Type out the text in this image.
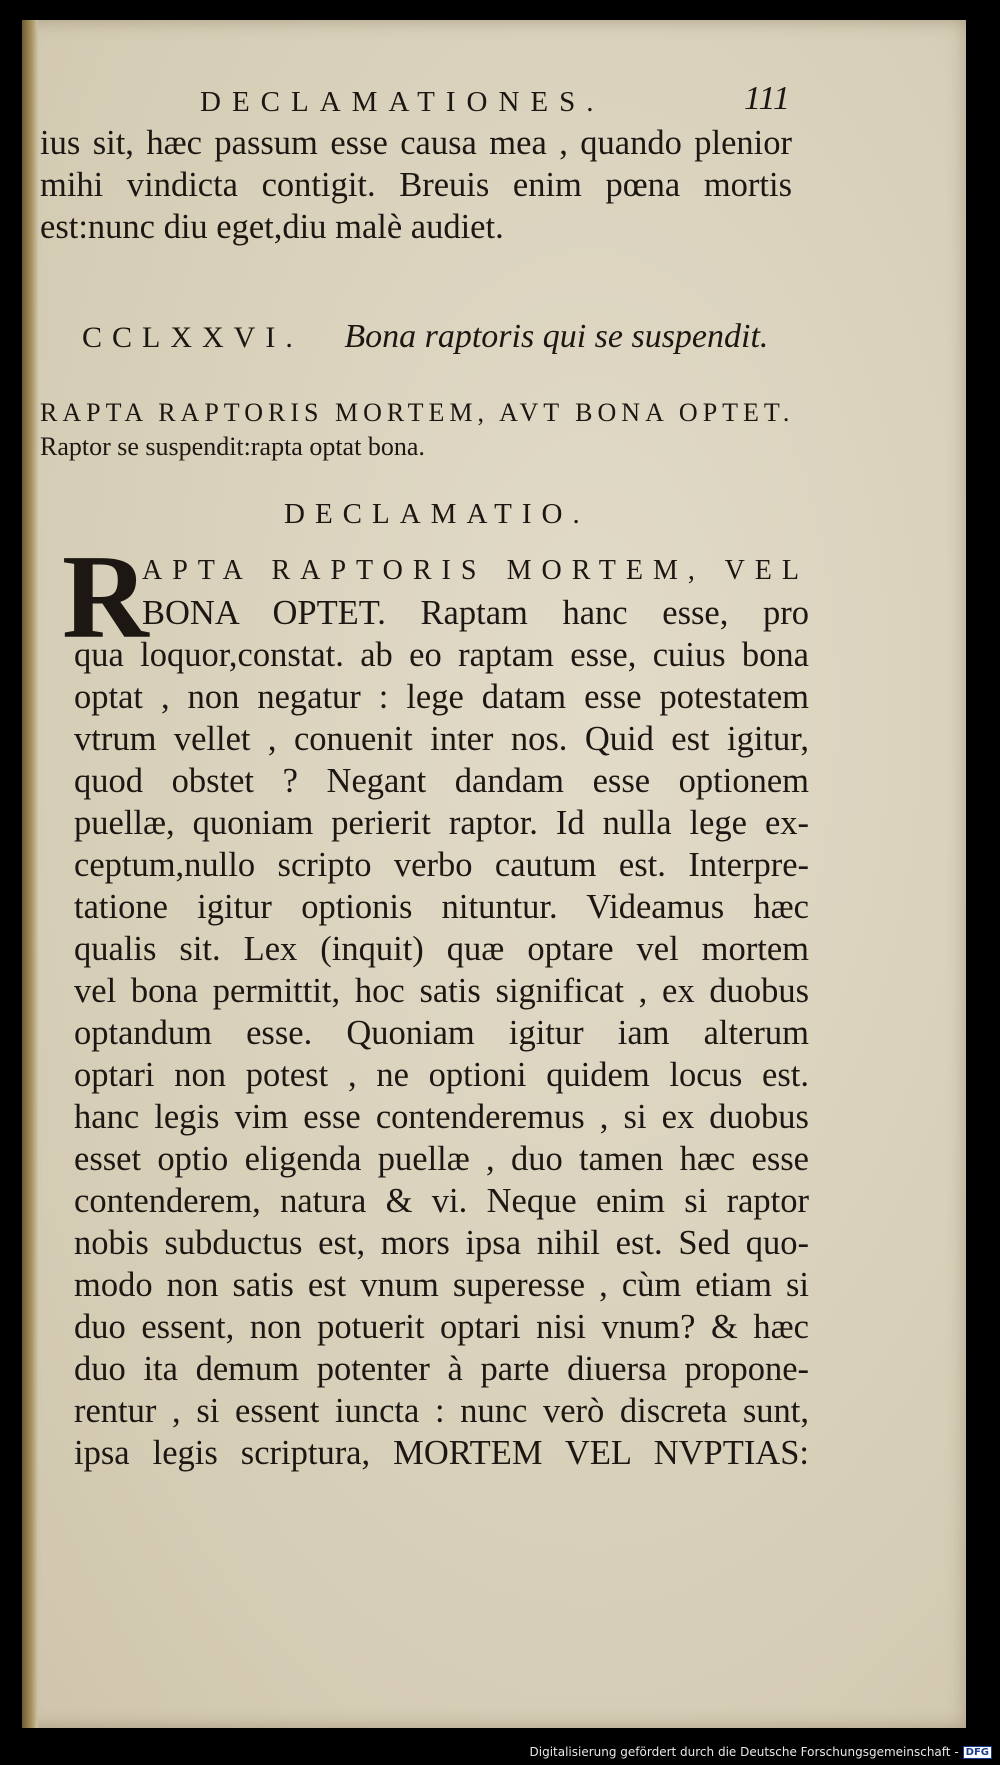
DECLAMATIONES.	111
ius sit, hæc passum esse causa mea , quando plenior
mihi vindicta contigit. Breuis enim pœna mortis
est:nunc diu eget,diu malè audiet.
CCLXXVI. Bona raptoris qui se suspendit.
RAPTA RAPTORIS MORTEM, AVT BONA OPTET.
Raptor se suspendit:rapta optat bona.
DECLAMATIO.
R
APTA RAPTORIS MORTEM, VEL
BONA OPTET. Raptam hanc esse, pro
qua loquor,constat. ab eo raptam esse, cuius bona
optat , non negatur : lege datam esse potestatem
vtrum vellet , conuenit inter nos. Quid est igitur,
quod obstet ? Negant dandam esse optionem
puellæ, quoniam perierit raptor. Id nulla lege ex-
ceptum,nullo scripto verbo cautum est. Interpre-
tatione igitur optionis nituntur. Videamus hæc
qualis sit. Lex (inquit) quæ optare vel mortem
vel bona permittit, hoc satis significat , ex duobus
optandum esse. Quoniam igitur iam alterum
optari non potest , ne optioni quidem locus est.
hanc legis vim esse contenderemus , si ex duobus
esset optio eligenda puellæ , duo tamen hæc esse
contenderem, natura & vi. Neque enim si raptor
nobis subductus est, mors ipsa nihil est. Sed quo-
modo non satis est vnum superesse , cùm etiam si
duo essent, non potuerit optari nisi vnum? & hæc
duo ita demum potenter à parte diuersa propone-
rentur , si essent iuncta : nunc verò discreta sunt,
ipsa legis scriptura, MORTEM VEL NVPTIAS:
Digitalisierung gefördert durch die Deutsche Forschungsgemeinschaft - DFG
